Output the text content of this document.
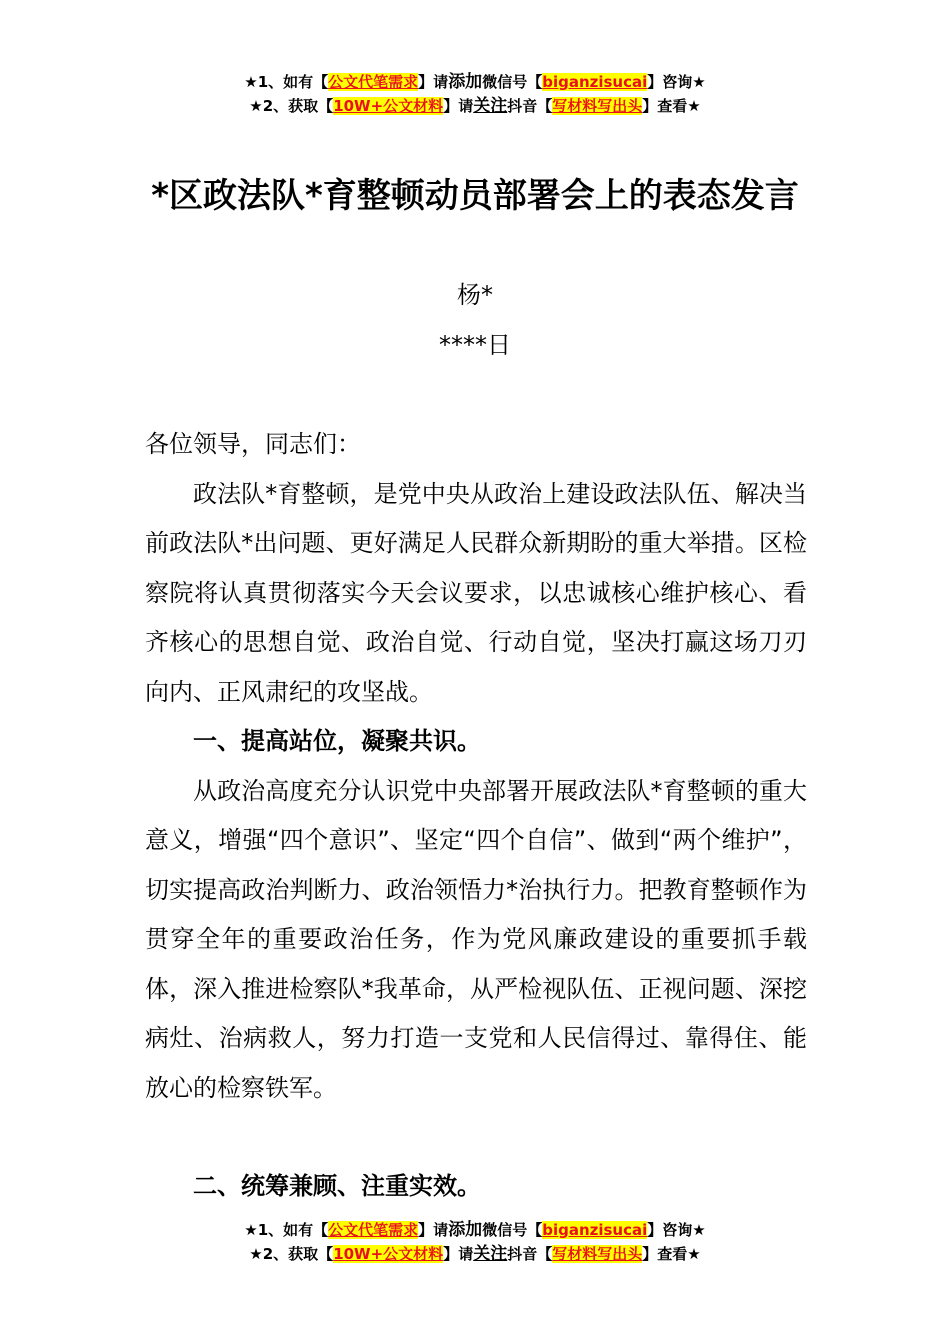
★1、如有【公文代笔需求】请添加微信号【biganzisucai】咨询★
★2、获取【10W+公文材料】请关注抖音【写材料写出头】查看★
*区政法队*育整顿动员部署会上的表态发言
杨*
****日

各位领导，同志们：

政法队*育整顿，是党中央从政治上建设政法队伍、解决当前政法队*出问题、更好满足人民群众新期盼的重大举措。区检察院将认真贯彻落实今天会议要求，以忠诚核心维护核心、看齐核心的思想自觉、政治自觉、行动自觉，坚决打赢这场刀刃向内、正风肃纪的攻坚战。

一、提高站位，凝聚共识。

从政治高度充分认识党中央部署开展政法队*育整顿的重大意义，增强“四个意识”、坚定“四个自信”、做到“两个维护”，切实提高政治判断力、政治领悟力*治执行力。把教育整顿作为贯穿全年的重要政治任务，作为党风廉政建设的重要抓手载体，深入推进检察队*我革命，从严检视队伍、正视问题、深挖病灶、治病救人，努力打造一支党和人民信得过、靠得住、能放心的检察铁军。

二、统筹兼顾、注重实效。

★1、如有【公文代笔需求】请添加微信号【biganzisucai】咨询★
★2、获取【10W+公文材料】请关注抖音【写材料写出头】查看★
